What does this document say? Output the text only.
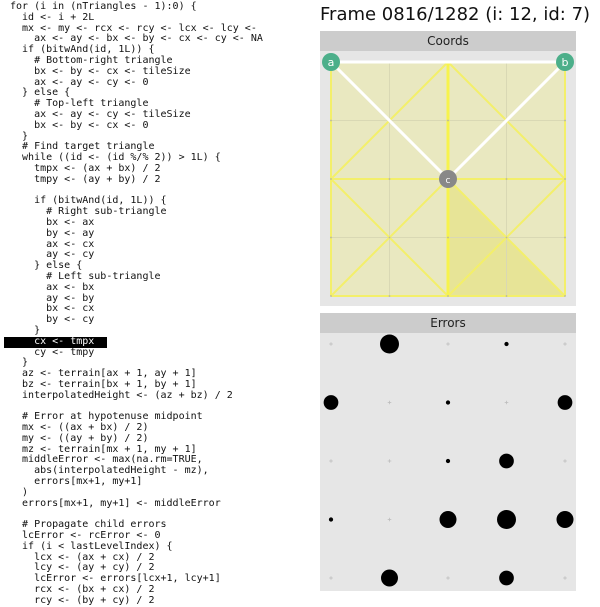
for (i in (nTriangles - 1):0) {
id <- i + 2L
mx <- my <- rcx <- rcy <- lcx <- lcy <-
ax <- ay <- bx <- by <- cx <- cy <- NA
if (bitwAnd(id, 1L)) {
# Bottom-right triangle
bx <- by <- cx <- tileSize
ax <- ay <- cy <- 0
} else {
# Top-left triangle
ax <- ay <- cy <- tileSize
bx <- by <- cx <- 0
}
# Find target triangle
while ((id <- (id %/% 2)) > 1L) {
tmpx <- (ax + bx) / 2
tmpy <- (ay + by) / 2

if (bitwAnd(id, 1L)) {
# Right sub-triangle
bx <- ax
by <- ay
ax <- cx
ay <- cy
} else {
# Left sub-triangle
ax <- bx
ay <- by
bx <- cx
by <- cy
}
cx <- tmpx
cy <- tmpy
}
az <- terrain[ax + 1, ay + 1]
bz <- terrain[bx + 1, by + 1]
interpolatedHeight <- (az + bz) / 2

# Error at hypotenuse midpoint
mx <- ((ax + bx) / 2)
my <- ((ay + by) / 2)
mz <- terrain[mx + 1, my + 1]
middleError <- max(na.rm=TRUE,
abs(interpolatedHeight - mz),
errors[mx+1, my+1]
)
errors[mx+1, my+1] <- middleError

# Propagate child errors
lcError <- rcError <- 0
if (i < lastLevelIndex) {
lcx <- (ax + cx) / 2
lcy <- (ay + cy) / 2
lcError <- errors[lcx+1, lcy+1]
rcx <- (bx + cx) / 2
rcy <- (by + cy) / 2
Frame 0816/1282 (i: 12, id: 7)
Coords
a	b
c
Errors
